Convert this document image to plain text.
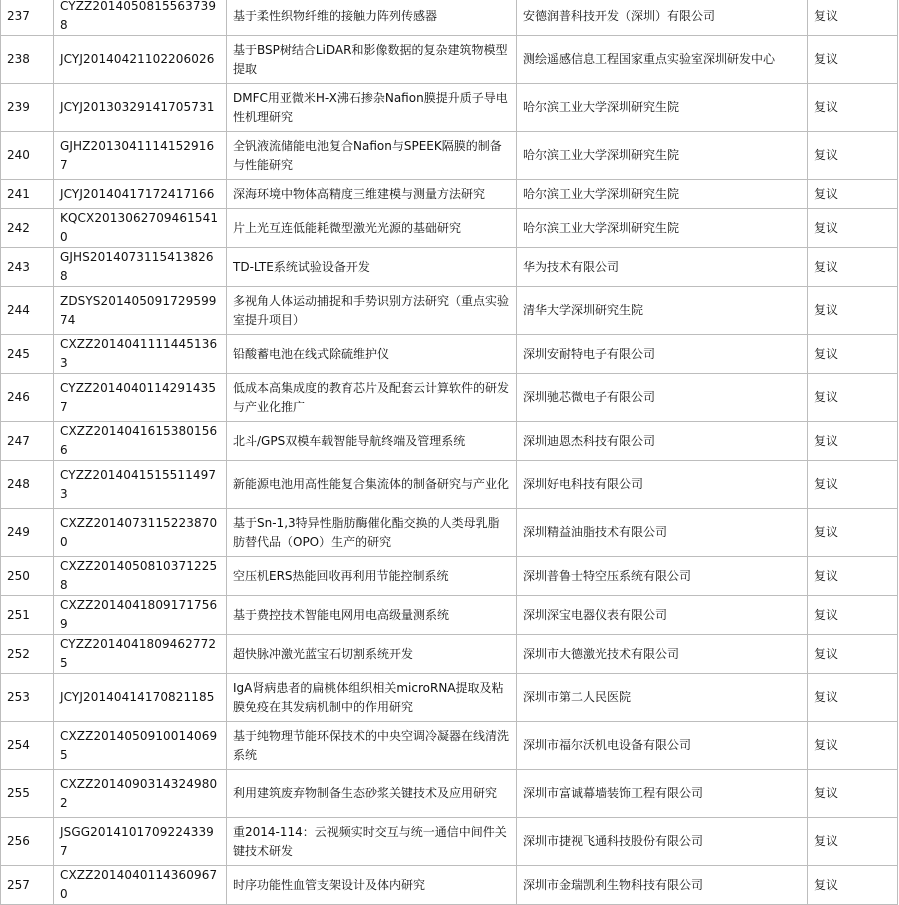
237	CYZZ20140508155637398	基于柔性织物纤维的接触力阵列传感器	安德润普科技开发（深圳）有限公司	复议
238	JCYJ20140421102206026	基于BSP树结合LiDAR和影像数据的复杂建筑物模型提取	测绘遥感信息工程国家重点实验室深圳研发中心	复议
239	JCYJ20130329141705731	DMFC用亚微米H-X沸石掺杂Nafion膜提升质子导电性机理研究	哈尔滨工业大学深圳研究生院	复议
240	GJHZ20130411141529167	全钒液流储能电池复合Nafion与SPEEK隔膜的制备与性能研究	哈尔滨工业大学深圳研究生院	复议
241	JCYJ20140417172417166	深海环境中物体高精度三维建模与测量方法研究	哈尔滨工业大学深圳研究生院	复议
242	KQCX20130627094615410	片上光互连低能耗微型激光光源的基础研究	哈尔滨工业大学深圳研究生院	复议
243	GJHS20140731154138268	TD-LTE系统试验设备开发	华为技术有限公司	复议
244	ZDSYS20140509172959974	多视角人体运动捕捉和手势识别方法研究（重点实验室提升项目）	清华大学深圳研究生院	复议
245	CXZZ20140411114451363	铅酸蓄电池在线式除硫维护仪	深圳安耐特电子有限公司	复议
246	CYZZ20140401142914357	低成本高集成度的教育芯片及配套云计算软件的研发与产业化推广	深圳驰芯微电子有限公司	复议
247	CXZZ20140416153801566	北斗/GPS双模车载智能导航终端及管理系统	深圳迪恩杰科技有限公司	复议
248	CYZZ20140415155114973	新能源电池用高性能复合集流体的制备研究与产业化	深圳好电科技有限公司	复议
249	CXZZ20140731152238700	基于Sn-1,3特异性脂肪酶催化酯交换的人类母乳脂肪替代品（OPO）生产的研究	深圳精益油脂技术有限公司	复议
250	CXZZ20140508103712258	空压机ERS热能回收再利用节能控制系统	深圳普鲁士特空压系统有限公司	复议
251	CXZZ20140418091717569	基于费控技术智能电网用电高级量测系统	深圳深宝电器仪表有限公司	复议
252	CYZZ20140418094627725	超快脉冲激光蓝宝石切割系统开发	深圳市大德激光技术有限公司	复议
253	JCYJ20140414170821185	IgA肾病患者的扁桃体组织相关microRNA提取及粘膜免疫在其发病机制中的作用研究	深圳市第二人民医院	复议
254	CXZZ20140509100140695	基于纯物理节能环保技术的中央空调冷凝器在线清洗系统	深圳市福尔沃机电设备有限公司	复议
255	CXZZ20140903143249802	利用建筑废弃物制备生态砂浆关键技术及应用研究	深圳市富诚幕墙装饰工程有限公司	复议
256	JSGG20141017092243397	重2014-114：云视频实时交互与统一通信中间件关键技术研发	深圳市捷视飞通科技股份有限公司	复议
257	CXZZ20140401143609670	时序功能性血管支架设计及体内研究	深圳市金瑞凯利生物科技有限公司	复议
